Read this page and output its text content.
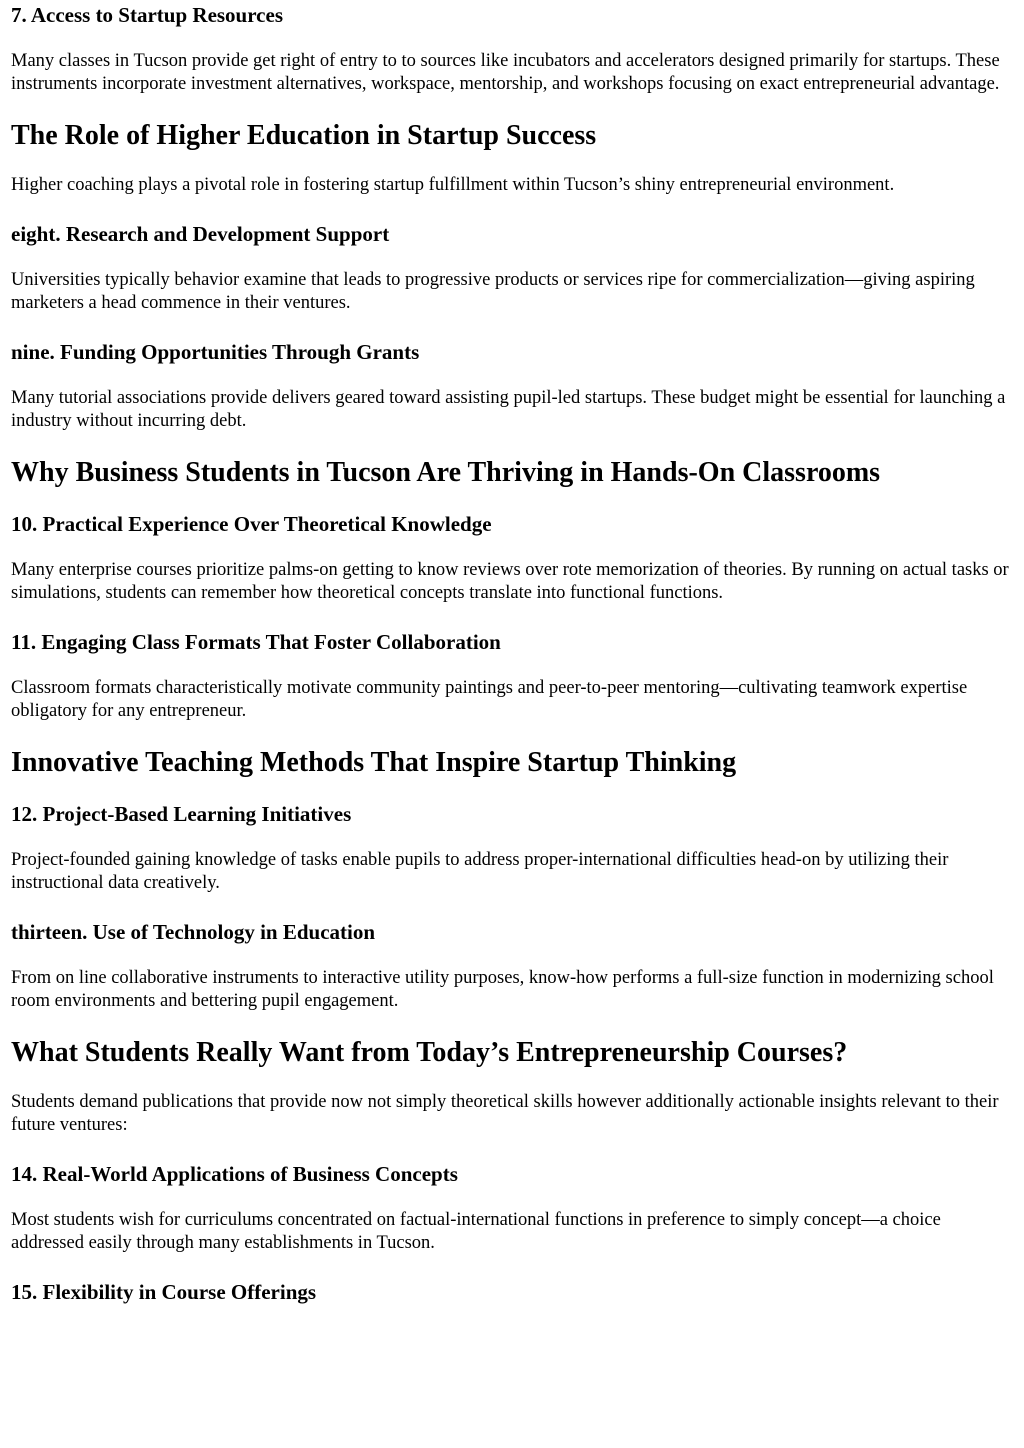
7. Access to Startup Resources

Many classes in Tucson provide get right of entry to to sources like incubators and accelerators designed primarily for startups. These instruments incorporate investment alternatives, workspace, mentorship, and workshops focusing on exact entrepreneurial advantage.

The Role of Higher Education in Startup Success

Higher coaching plays a pivotal role in fostering startup fulfillment within Tucson’s shiny entrepreneurial environment.

eight. Research and Development Support

Universities typically behavior examine that leads to progressive products or services ripe for commercialization—giving aspiring marketers a head commence in their ventures.

nine. Funding Opportunities Through Grants

Many tutorial associations provide delivers geared toward assisting pupil-led startups. These budget might be essential for launching a industry without incurring debt.

Why Business Students in Tucson Are Thriving in Hands-On Classrooms
10. Practical Experience Over Theoretical Knowledge

Many enterprise courses prioritize palms-on getting to know reviews over rote memorization of theories. By running on actual tasks or simulations, students can remember how theoretical concepts translate into functional functions.

11. Engaging Class Formats That Foster Collaboration

Classroom formats characteristically motivate community paintings and peer-to-peer mentoring—cultivating teamwork expertise obligatory for any entrepreneur.

Innovative Teaching Methods That Inspire Startup Thinking
12. Project-Based Learning Initiatives

Project-founded gaining knowledge of tasks enable pupils to address proper-international difficulties head-on by utilizing their instructional data creatively.

thirteen. Use of Technology in Education

From on line collaborative instruments to interactive utility purposes, know-how performs a full-size function in modernizing school room environments and bettering pupil engagement.

What Students Really Want from Today’s Entrepreneurship Courses?

Students demand publications that provide now not simply theoretical skills however additionally actionable insights relevant to their future ventures:

14. Real-World Applications of Business Concepts

Most students wish for curriculums concentrated on factual-international functions in preference to simply concept—a choice addressed easily through many establishments in Tucson.

15. Flexibility in Course Offerings
